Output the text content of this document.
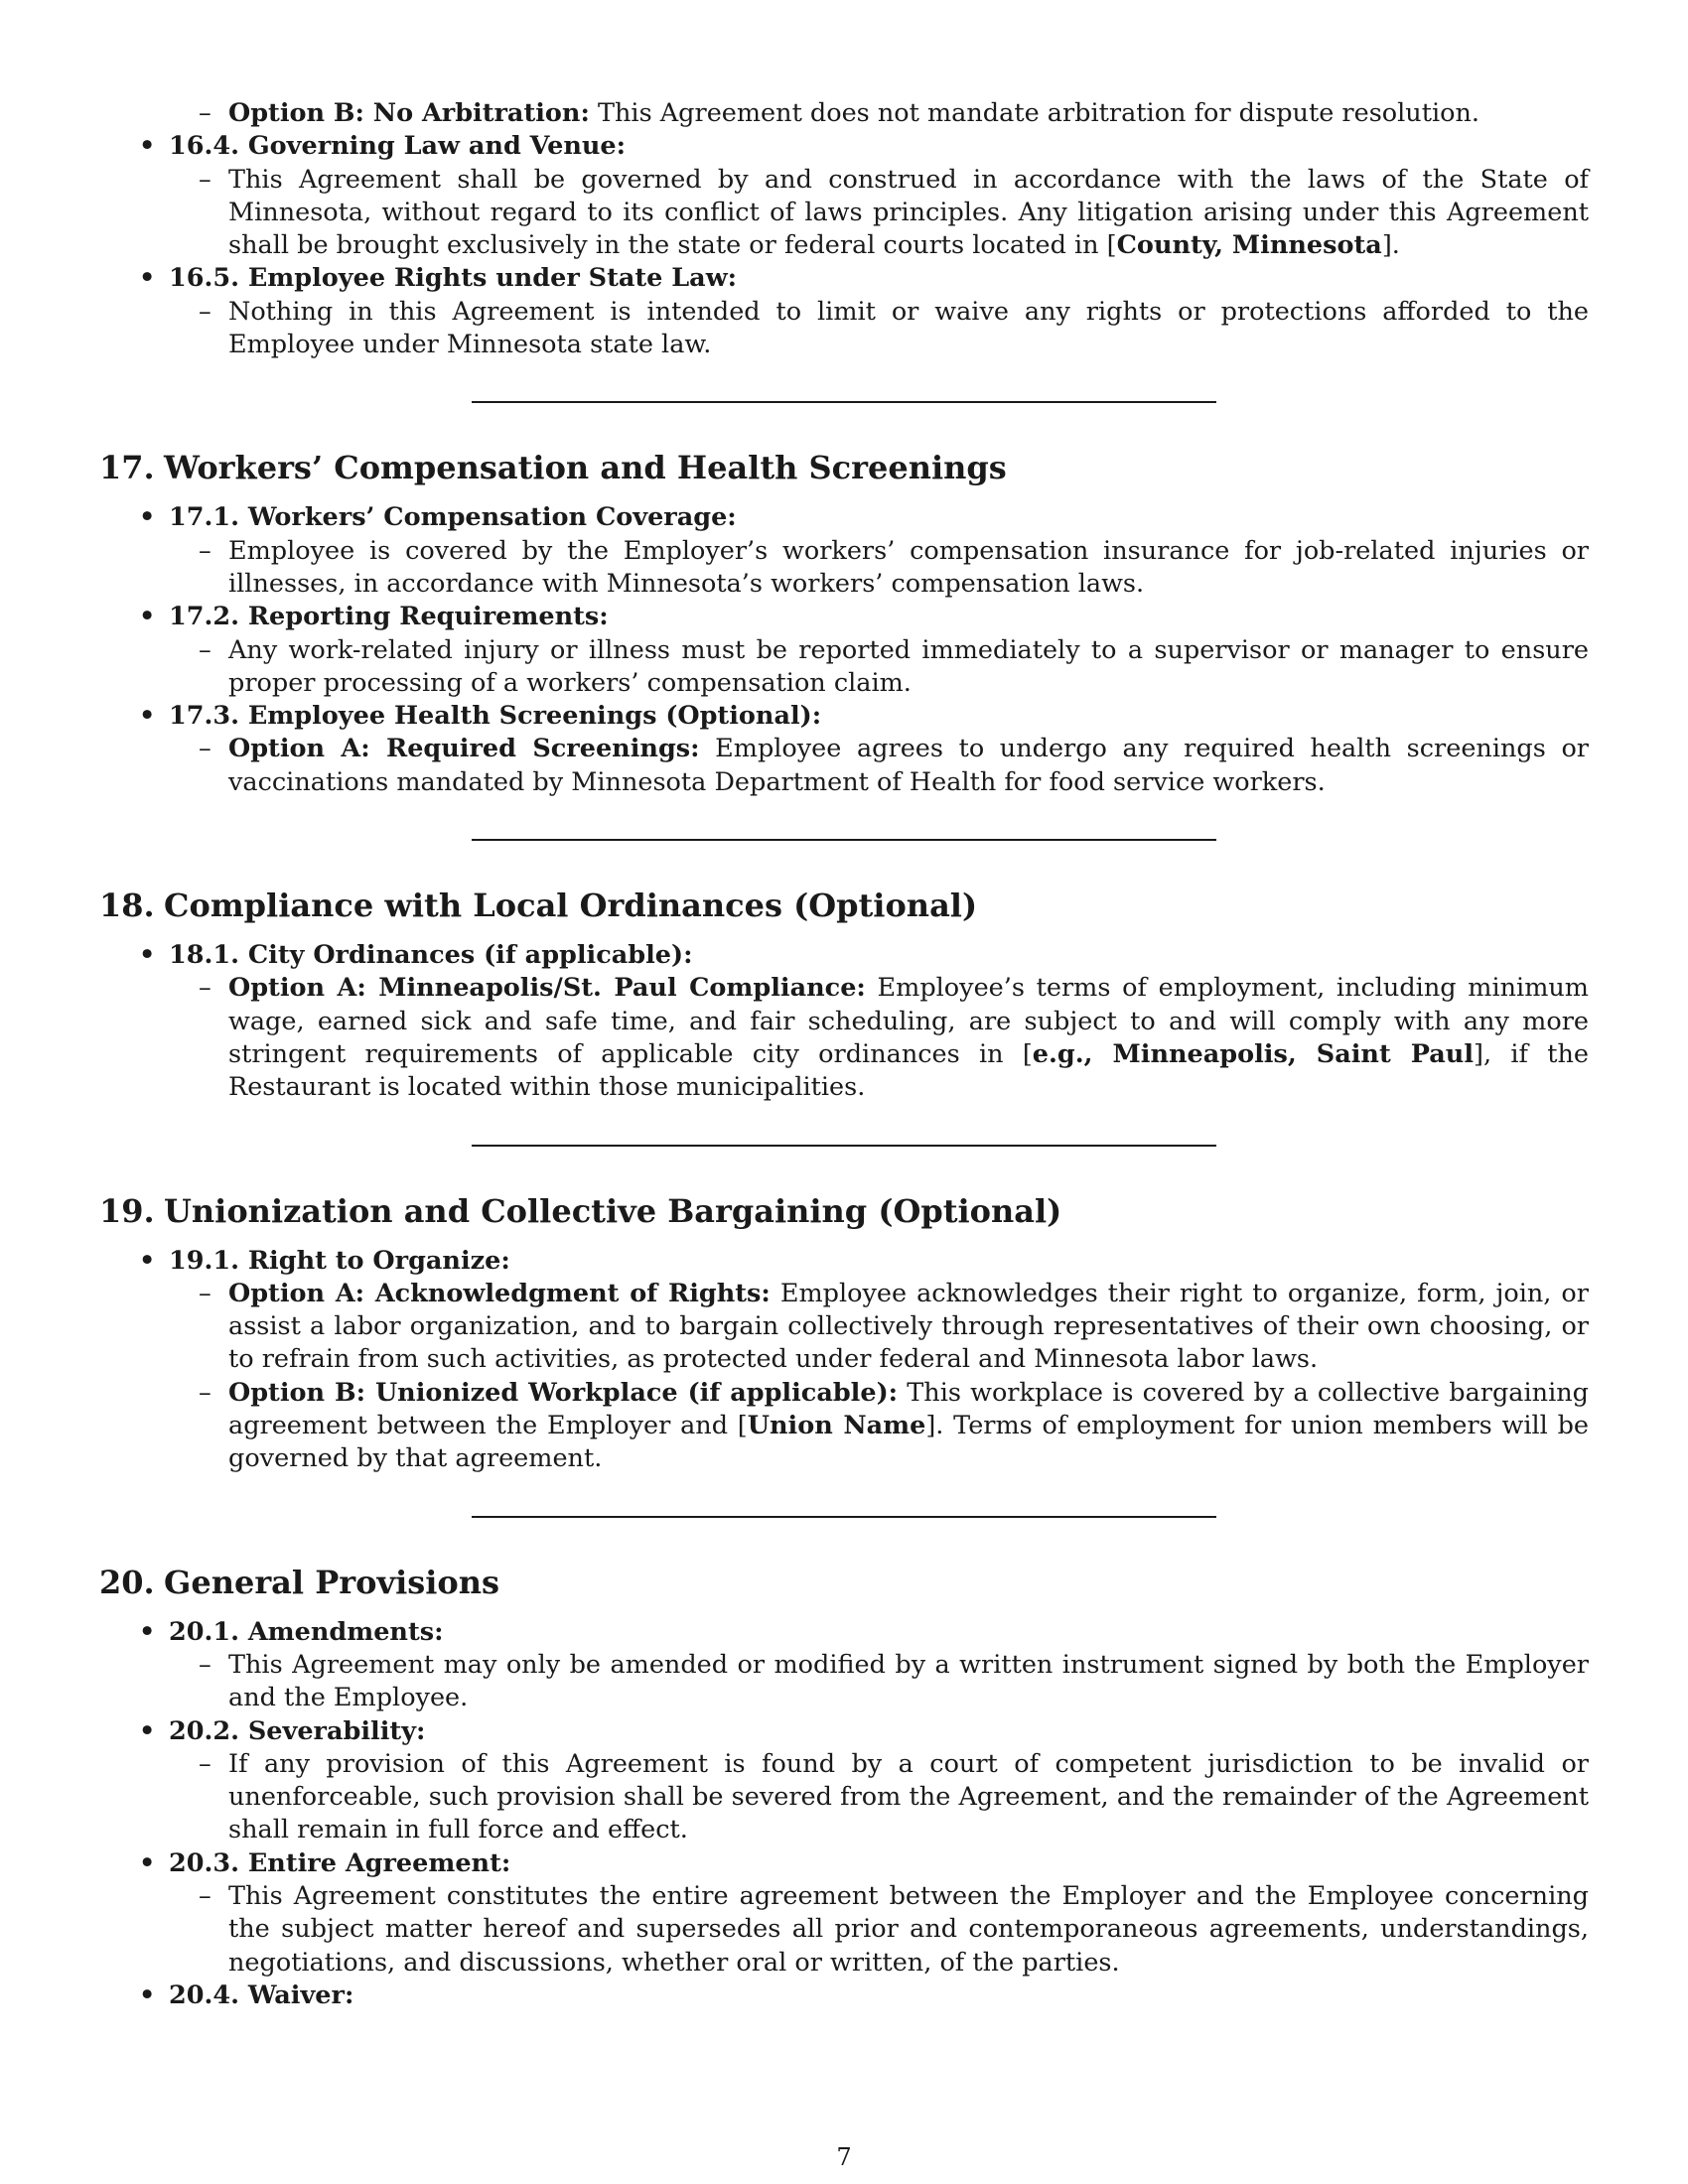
– Option B: No Arbitration: This Agreement does not mandate arbitration for dispute resolution.
• 16.4. Governing Law and Venue:
– This Agreement shall be governed by and construed in accordance with the laws of the State of Minnesota, without regard to its conflict of laws principles. Any litigation arising under this Agreement shall be brought exclusively in the state or federal courts located in [County, Minnesota].
• 16.5. Employee Rights under State Law:
– Nothing in this Agreement is intended to limit or waive any rights or protections afforded to the Employee under Minnesota state law.
17. Workers’ Compensation and Health Screenings
• 17.1. Workers’ Compensation Coverage:
– Employee is covered by the Employer’s workers’ compensation insurance for job-related injuries or illnesses, in accordance with Minnesota’s workers’ compensation laws.
• 17.2. Reporting Requirements:
– Any work-related injury or illness must be reported immediately to a supervisor or manager to ensure proper processing of a workers’ compensation claim.
• 17.3. Employee Health Screenings (Optional):
– Option A: Required Screenings: Employee agrees to undergo any required health screenings or vaccinations mandated by Minnesota Department of Health for food service workers.
18. Compliance with Local Ordinances (Optional)
• 18.1. City Ordinances (if applicable):
– Option A: Minneapolis/St. Paul Compliance: Employee’s terms of employment, including minimum wage, earned sick and safe time, and fair scheduling, are subject to and will comply with any more stringent requirements of applicable city ordinances in [e.g., Minneapolis, Saint Paul], if the Restaurant is located within those municipalities.
19. Unionization and Collective Bargaining (Optional)
• 19.1. Right to Organize:
– Option A: Acknowledgment of Rights: Employee acknowledges their right to organize, form, join, or assist a labor organization, and to bargain collectively through representatives of their own choosing, or to refrain from such activities, as protected under federal and Minnesota labor laws.
– Option B: Unionized Workplace (if applicable): This workplace is covered by a collective bargaining agreement between the Employer and [Union Name]. Terms of employment for union members will be governed by that agreement.
20. General Provisions
• 20.1. Amendments:
– This Agreement may only be amended or modified by a written instrument signed by both the Employer and the Employee.
• 20.2. Severability:
– If any provision of this Agreement is found by a court of competent jurisdiction to be invalid or unenforceable, such provision shall be severed from the Agreement, and the remainder of the Agreement shall remain in full force and effect.
• 20.3. Entire Agreement:
– This Agreement constitutes the entire agreement between the Employer and the Employee concerning the subject matter hereof and supersedes all prior and contemporaneous agreements, understandings, negotiations, and discussions, whether oral or written, of the parties.
• 20.4. Waiver:
7
